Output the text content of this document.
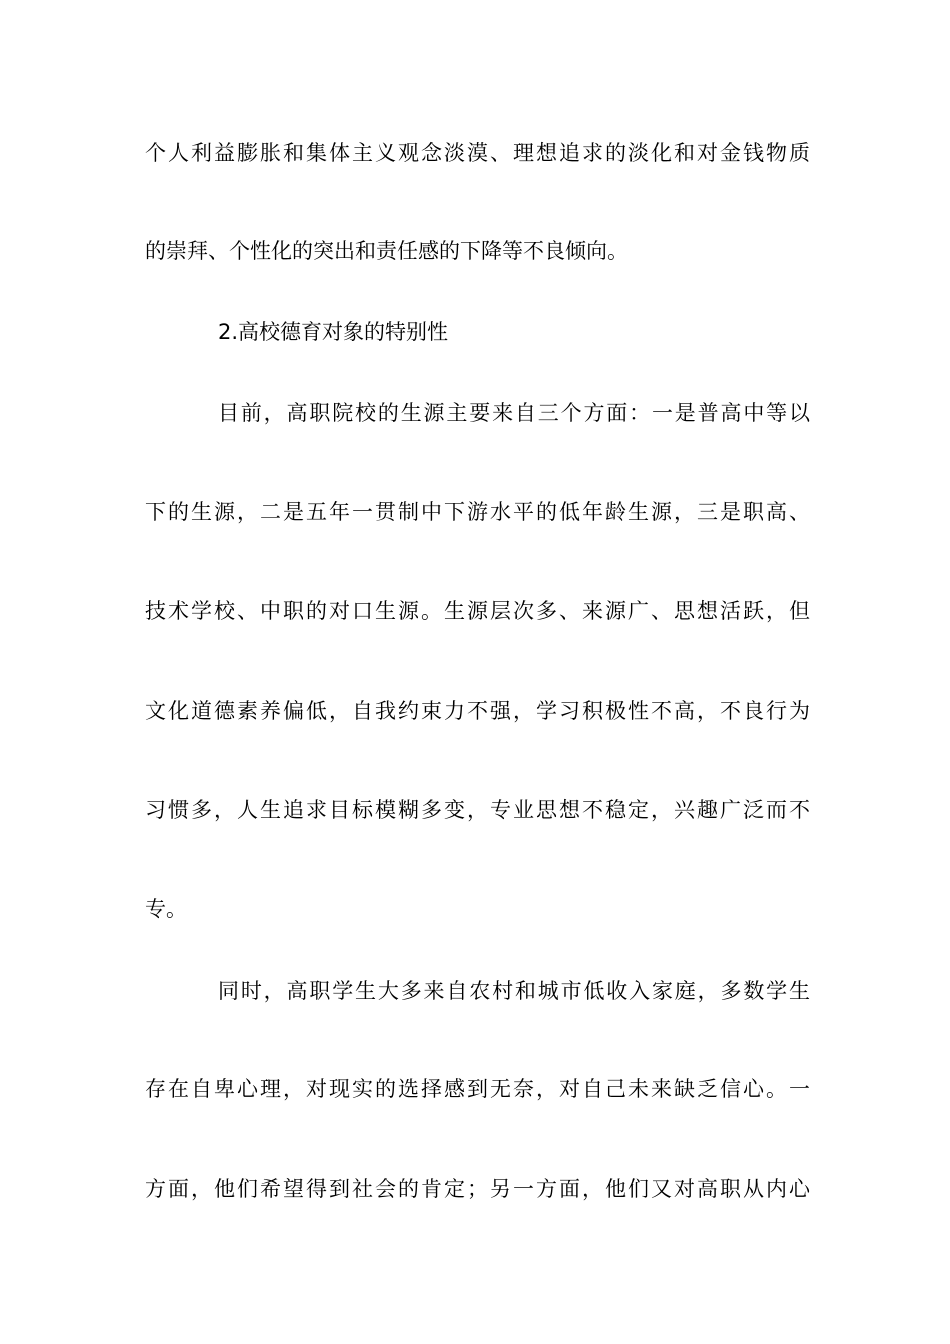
个人利益膨胀和集体主义观念淡漠、理想追求的淡化和对金钱物质
的崇拜、个性化的突出和责任感的下降等不良倾向。
2.高校德育对象的特别性
目前，高职院校的生源主要来自三个方面：一是普高中等以
下的生源，二是五年一贯制中下游水平的低年龄生源，三是职高、
技术学校、中职的对口生源。生源层次多、来源广、思想活跃，但
文化道德素养偏低，自我约束力不强，学习积极性不高，不良行为
习惯多，人生追求目标模糊多变，专业思想不稳定，兴趣广泛而不
专。
同时，高职学生大多来自农村和城市低收入家庭，多数学生
存在自卑心理，对现实的选择感到无奈，对自己未来缺乏信心。一
方面，他们希望得到社会的肯定；另一方面，他们又对高职从内心
